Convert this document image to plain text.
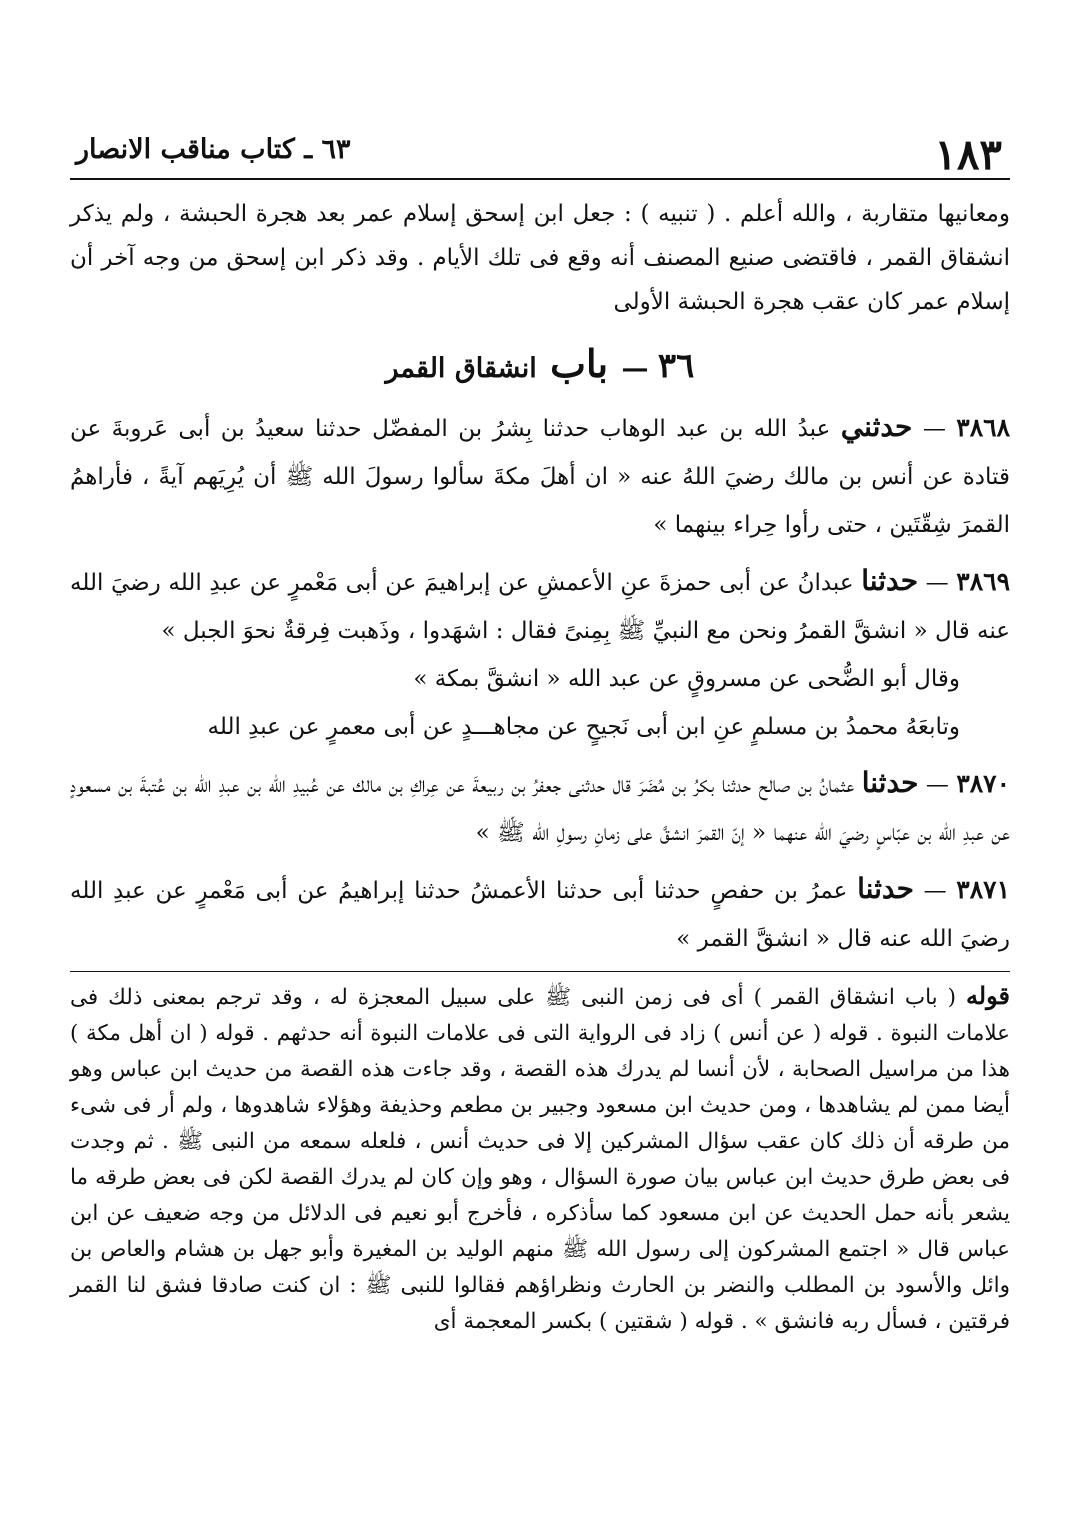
١٨٣
٦٣ ـ كتاب مناقب الانصار

ومعانيها متقاربة ، والله أعلم . ( تنبيه ) : جعل ابن إسحق إسلام عمر بعد هجرة الحبشة ، ولم يذكر انشقاق القمر ، فاقتضى صنيع المصنف أنه وقع فى تلك الأيام . وقد ذكر ابن إسحق من وجه آخر أن إسلام عمر كان عقب هجرة الحبشة الأولى

٣٦ — باب انشقاق القمر

٣٨٦٨ — حدثني عبدُ الله بن عبد الوهاب حدثنا بِشرُ بن المفضّل حدثنا سعيدُ بن أبى عَروبةَ عن قتادة عن أنس بن مالك رضيَ اللهُ عنه « ان أهلَ مكةَ سألوا رسولَ الله ﷺ أن يُرِيَهم آيةً ، فأراهمُ القمرَ شِقّتَين ، حتى رأوا حِراء بينهما »

٣٨٦٩ — حدثنا عبدانُ عن أبى حمزةَ عنِ الأعمشِ عن إبراهيمَ عن أبى مَعْمرٍ عن عبدِ الله رضيَ الله عنه قال « انشقَّ القمرُ ونحن مع النبيِّ ﷺ بِمِنىً فقال : اشهَدوا ، وذَهبت فِرقةٌ نحوَ الجبل »

وقال أبو الضُّحى عن مسروقٍ عن عبد الله « انشقَّ بمكة »

وتابعَهُ محمدُ بن مسلمٍ عنِ ابن أبى نَجيحٍ عن مجاهـــدٍ عن أبى معمرٍ عن عبدِ الله

٣٨٧٠ — حدثنا عثمانُ بن صالح حدثنا بكرُ بن مُضَرَ قال حدثنى جعفرُ بن ربيعةَ عن عِراكِ بن مالك عن عُبيدِ الله بن عبدِ الله بن عُتبةَ بن مسعودٍ عن عبدِ الله بن عبّاسٍ رضيَ الله عنهما « إنّ القمرَ انشقَّ على زمانِ رسولِ الله ﷺ »

٣٨٧١ — حدثنا عمرُ بن حفصٍ حدثنا أبى حدثنا الأعمشُ حدثنا إبراهيمُ عن أبى مَعْمرٍ عن عبدِ الله رضيَ الله عنه قال « انشقَّ القمر »

قوله ( باب انشقاق القمر ) أى فى زمن النبى ﷺ على سبيل المعجزة له ، وقد ترجم بمعنى ذلك فى علامات النبوة . قوله ( عن أنس ) زاد فى الرواية التى فى علامات النبوة أنه حدثهم . قوله ( ان أهل مكة ) هذا من مراسيل الصحابة ، لأن أنسا لم يدرك هذه القصة ، وقد جاءت هذه القصة من حديث ابن عباس وهو أيضا ممن لم يشاهدها ، ومن حديث ابن مسعود وجبير بن مطعم وحذيفة وهؤلاء شاهدوها ، ولم أر فى شىء من طرقه أن ذلك كان عقب سؤال المشركين إلا فى حديث أنس ، فلعله سمعه من النبى ﷺ . ثم وجدت فى بعض طرق حديث ابن عباس بيان صورة السؤال ، وهو وإن كان لم يدرك القصة لكن فى بعض طرقه ما يشعر بأنه حمل الحديث عن ابن مسعود كما سأذكره ، فأخرج أبو نعيم فى الدلائل من وجه ضعيف عن ابن عباس قال « اجتمع المشركون إلى رسول الله ﷺ منهم الوليد بن المغيرة وأبو جهل بن هشام والعاص بن وائل والأسود بن المطلب والنضر بن الحارث ونظراؤهم فقالوا للنبى ﷺ : ان كنت صادقا فشق لنا القمر فرقتين ، فسأل ربه فانشق » . قوله ( شقتين ) بكسر المعجمة أى
